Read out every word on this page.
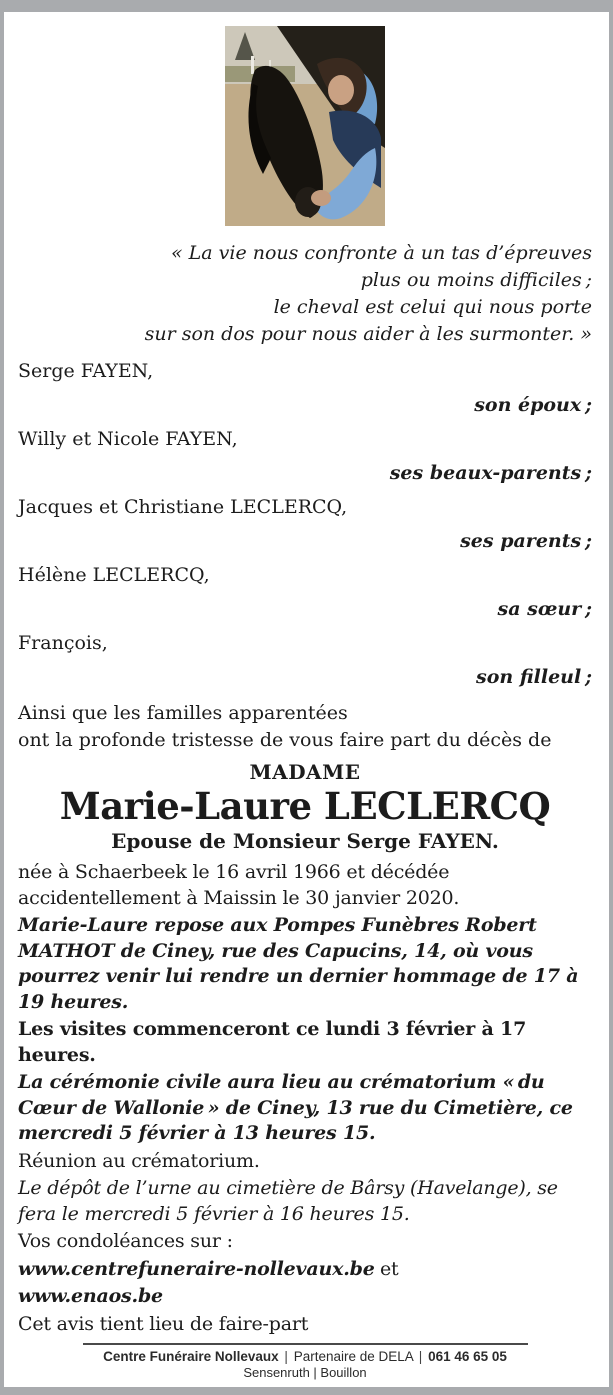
« La vie nous confronte à un tas d’épreuves
plus ou moins difficiles ;
le cheval est celui qui nous porte
sur son dos pour nous aider à les surmonter. »
Serge FAYEN,
son époux ;
Willy et Nicole FAYEN,
ses beaux-parents ;
Jacques et Christiane LECLERCQ,
ses parents ;
Hélène LECLERCQ,
sa sœur ;
François,
son filleul ;
Ainsi que les familles apparentées
ont la profonde tristesse de vous faire part du décès de
MADAME
Marie-Laure LECLERCQ
Epouse de Monsieur Serge FAYEN.

née à Schaerbeek le 16 avril 1966 et décédée accidentellement à Maissin le 30 janvier 2020.

Marie-Laure repose aux Pompes Funèbres Robert MATHOT de Ciney, rue des Capucins, 14, où vous pourrez venir lui rendre un dernier hommage de 17 à 19 heures.

Les visites commenceront ce lundi 3 février à 17 heures.

La cérémonie civile aura lieu au crématorium « du Cœur de Wallonie » de Ciney, 13 rue du Cimetière, ce mercredi 5 février à 13 heures 15.

Réunion au crématorium.

Le dépôt de l’urne au cimetière de Bârsy (Havelange), se fera le mercredi 5 février à 16 heures 15.

Vos condoléances sur :

www.centrefuneraire-nollevaux.be et

www.enaos.be

Cet avis tient lieu de faire-part

Centre Funéraire Nollevaux | Partenaire de DELA | 061 46 65 05
Sensenruth | Bouillon
